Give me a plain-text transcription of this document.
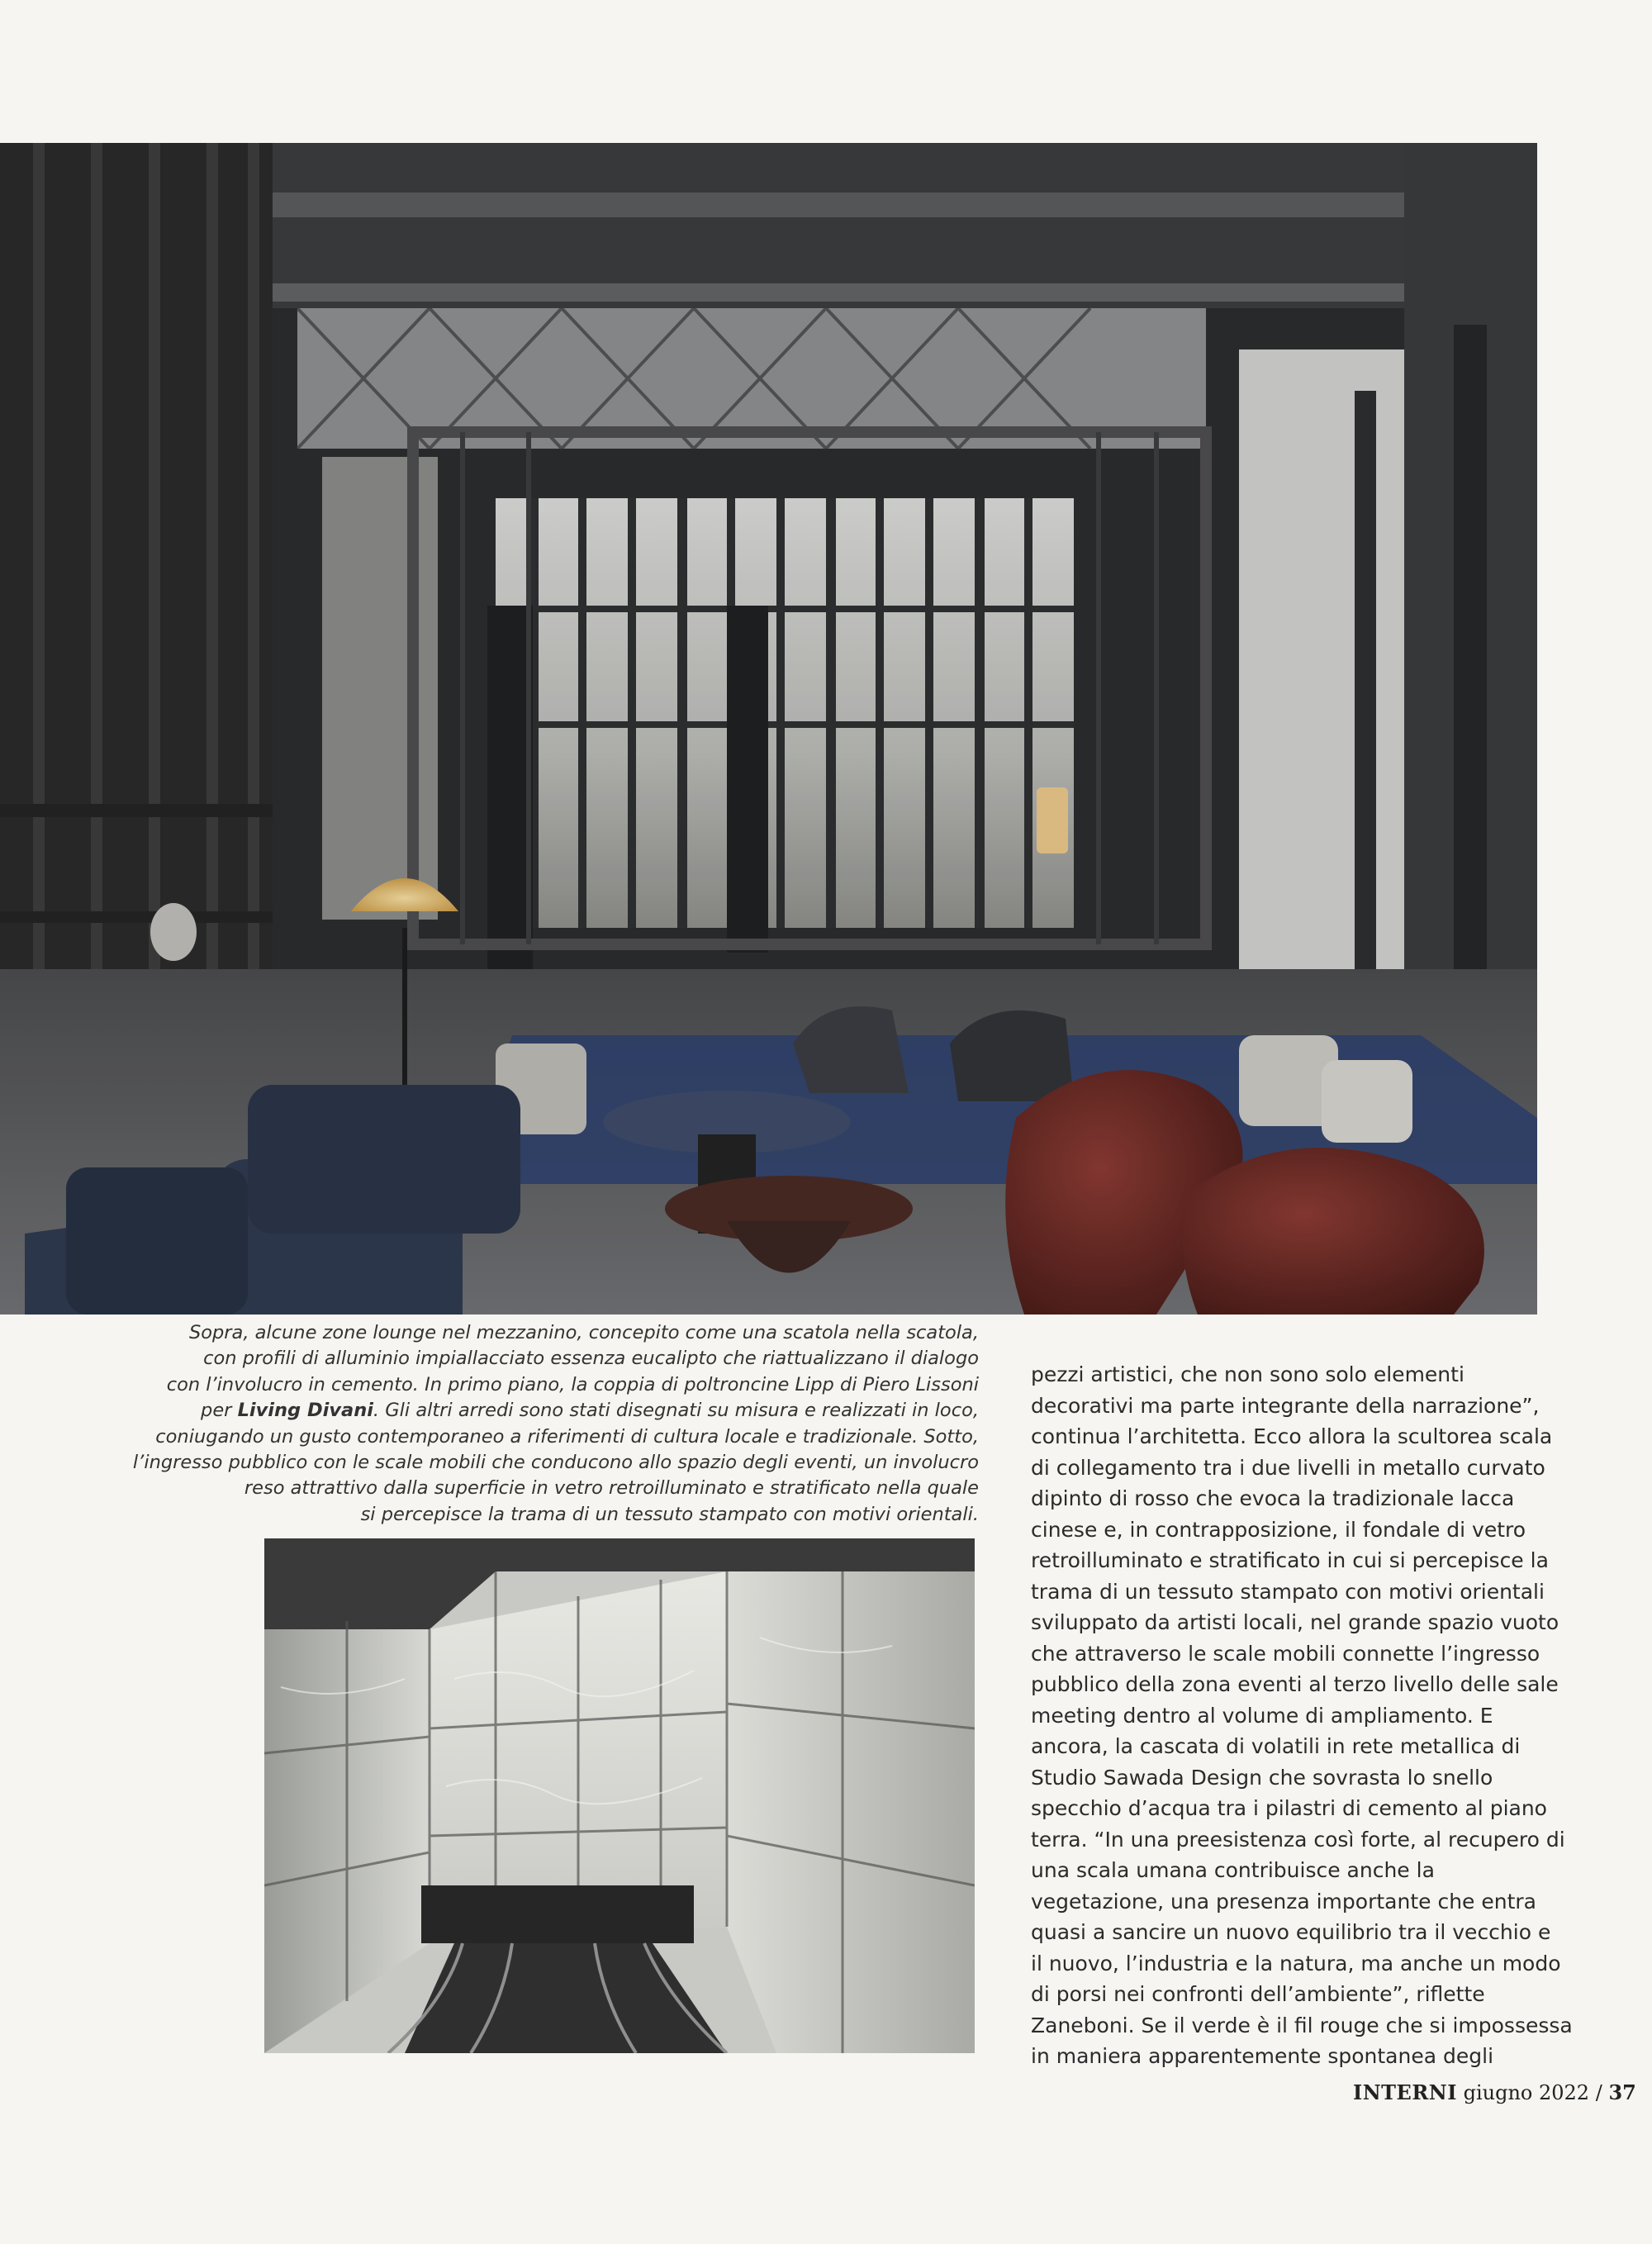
Sopra, alcune zone lounge nel mezzanino, concepito come una scatola nella scatola,
con profili di alluminio impiallacciato essenza eucalipto che riattualizzano il dialogo
con l’involucro in cemento. In primo piano, la coppia di poltroncine Lipp di Piero Lissoni
per Living Divani. Gli altri arredi sono stati disegnati su misura e realizzati in loco,
coniugando un gusto contemporaneo a riferimenti di cultura locale e tradizionale. Sotto,
l’ingresso pubblico con le scale mobili che conducono allo spazio degli eventi, un involucro
reso attrattivo dalla superficie in vetro retroilluminato e stratificato nella quale
si percepisce la trama di un tessuto stampato con motivi orientali.
pezzi artistici, che non sono solo elementi
decorativi ma parte integrante della narrazione”,
continua l’architetta. Ecco allora la scultorea scala
di collegamento tra i due livelli in metallo curvato
dipinto di rosso che evoca la tradizionale lacca
cinese e, in contrapposizione, il fondale di vetro
retroilluminato e stratificato in cui si percepisce la
trama di un tessuto stampato con motivi orientali
sviluppato da artisti locali, nel grande spazio vuoto
che attraverso le scale mobili connette l’ingresso
pubblico della zona eventi al terzo livello delle sale
meeting dentro al volume di ampliamento. E
ancora, la cascata di volatili in rete metallica di
Studio Sawada Design che sovrasta lo snello
specchio d’acqua tra i pilastri di cemento al piano
terra. “In una preesistenza così forte, al recupero di
una scala umana contribuisce anche la
vegetazione, una presenza importante che entra
quasi a sancire un nuovo equilibrio tra il vecchio e
il nuovo, l’industria e la natura, ma anche un modo
di porsi nei confronti dell’ambiente”, riflette
Zaneboni. Se il verde è il fil rouge che si impossessa
in maniera apparentemente spontanea degli
INTERNI giugno 2022 / 37
